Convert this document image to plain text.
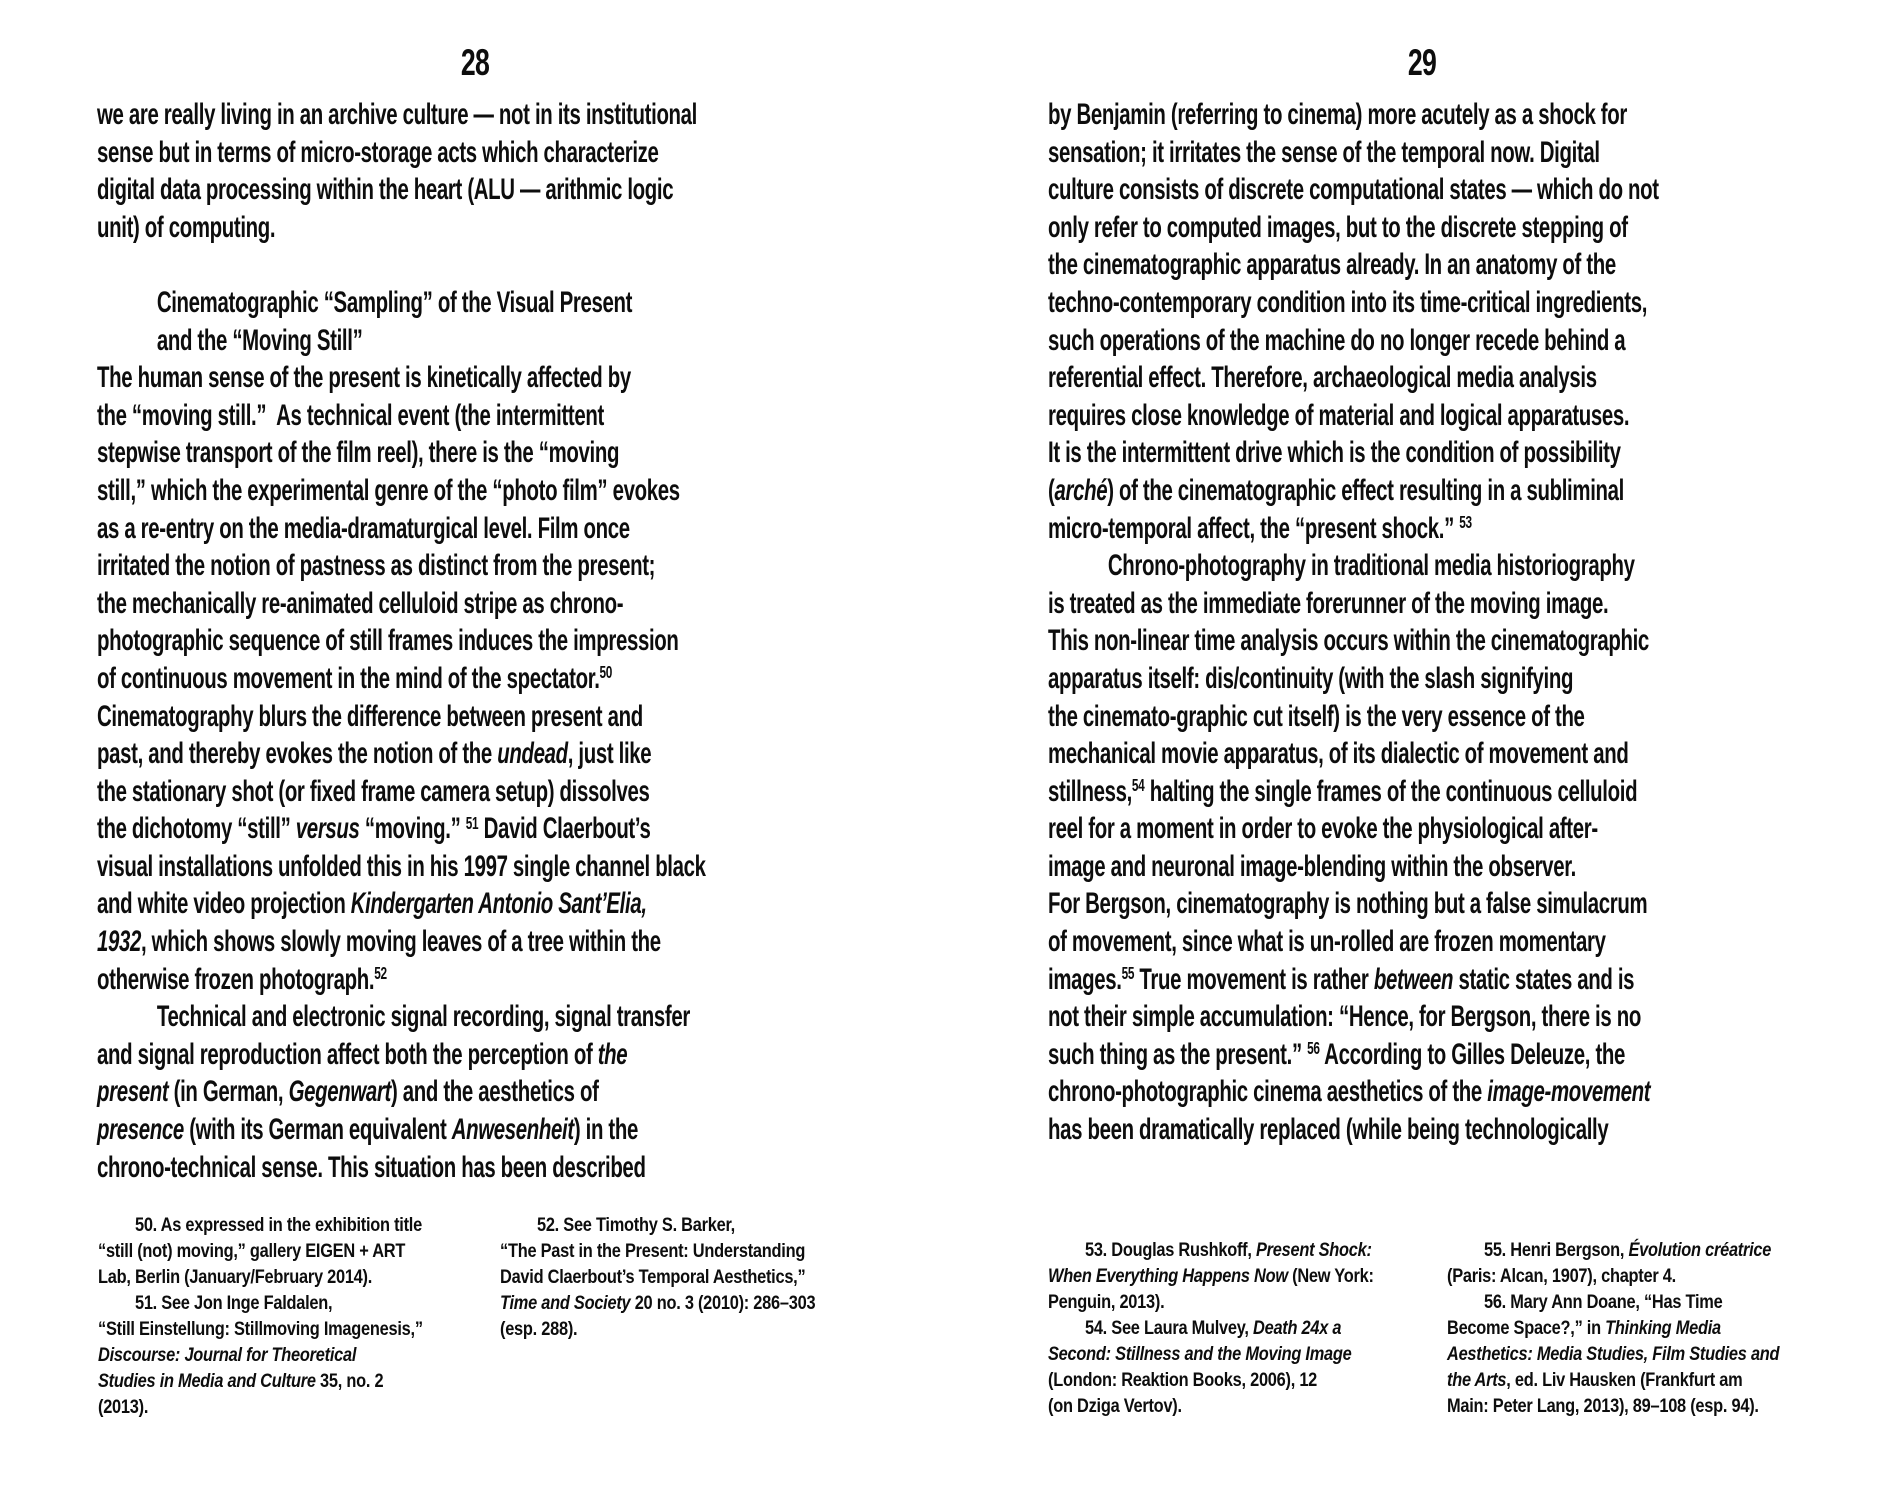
28
we are really living in an archive culture — not in its institutional
sense but in terms of micro-storage acts which characterize
digital data processing within the heart (ALU — arithmic logic
unit) of computing.
Cinematographic “Sampling” of the Visual Present
and the “Moving Still”
The human sense of the present is kinetically affected by
the “moving still.”  As technical event (the intermittent
stepwise transport of the film reel), there is the “moving
still,” which the experimental genre of the “photo film” evokes
as a re-entry on the media-dramaturgical level. Film once
irritated the notion of pastness as distinct from the present;
the mechanically re-animated celluloid stripe as chrono-
photographic sequence of still frames induces the impression
of continuous movement in the mind of the spectator.$^{50}$
Cinematography blurs the difference between present and
past, and thereby evokes the notion of the undead, just like
the stationary shot (or fixed frame camera setup) dissolves
the dichotomy “still” versus “moving.” $^{51}$ David Claerbout’s
visual installations unfolded this in his 1997 single channel black
and white video projection Kindergarten Antonio Sant’Elia,
1932, which shows slowly moving leaves of a tree within the
otherwise frozen photograph.$^{52}$
Technical and electronic signal recording, signal transfer
and signal reproduction affect both the perception of the
present (in German, Gegenwart) and the aesthetics of
presence (with its German equivalent Anwesenheit) in the
chrono-technical sense. This situation has been described
50. As expressed in the exhibition title
“still (not) moving,” gallery EIGEN + ART
Lab, Berlin (January/February 2014).
51. See Jon Inge Faldalen,
“Still Einstellung: Stillmoving Imagenesis,”
Discourse: Journal for Theoretical
Studies in Media and Culture 35, no. 2
(2013).
52. See Timothy S. Barker,
“The Past in the Present: Understanding
David Claerbout’s Temporal Aesthetics,”
Time and Society 20 no. 3 (2010): 286–303
(esp. 288).
29
by Benjamin (referring to cinema) more acutely as a shock for
sensation; it irritates the sense of the temporal now. Digital
culture consists of discrete computational states — which do not
only refer to computed images, but to the discrete stepping of
the cinematographic apparatus already. In an anatomy of the
techno-contemporary condition into its time-critical ingredients,
such operations of the machine do no longer recede behind a
referential effect. Therefore, archaeological media analysis
requires close knowledge of material and logical apparatuses.
It is the intermittent drive which is the condition of possibility
(arché) of the cinematographic effect resulting in a subliminal
micro-temporal affect, the “present shock.” $^{53}$
Chrono-photography in traditional media historiography
is treated as the immediate forerunner of the moving image.
This non-linear time analysis occurs within the cinematographic
apparatus itself: dis/continuity (with the slash signifying
the cinemato-graphic cut itself) is the very essence of the
mechanical movie apparatus, of its dialectic of movement and
stillness,$^{54}$ halting the single frames of the continuous celluloid
reel for a moment in order to evoke the physiological after-
image and neuronal image-blending within the observer.
For Bergson, cinematography is nothing but a false simulacrum
of movement, since what is un-rolled are frozen momentary
images.$^{55}$ True movement is rather between static states and is
not their simple accumulation: “Hence, for Bergson, there is no
such thing as the present.” $^{56}$ According to Gilles Deleuze, the
chrono-photographic cinema aesthetics of the image-movement
has been dramatically replaced (while being technologically
53. Douglas Rushkoff, Present Shock:
When Everything Happens Now (New York:
Penguin, 2013).
54. See Laura Mulvey, Death 24x a
Second: Stillness and the Moving Image
(London: Reaktion Books, 2006), 12
(on Dziga Vertov).
55. Henri Bergson, Évolution créatrice
(Paris: Alcan, 1907), chapter 4.
56. Mary Ann Doane, “Has Time
Become Space?,” in Thinking Media
Aesthetics: Media Studies, Film Studies and
the Arts, ed. Liv Hausken (Frankfurt am
Main: Peter Lang, 2013), 89–108 (esp. 94).
